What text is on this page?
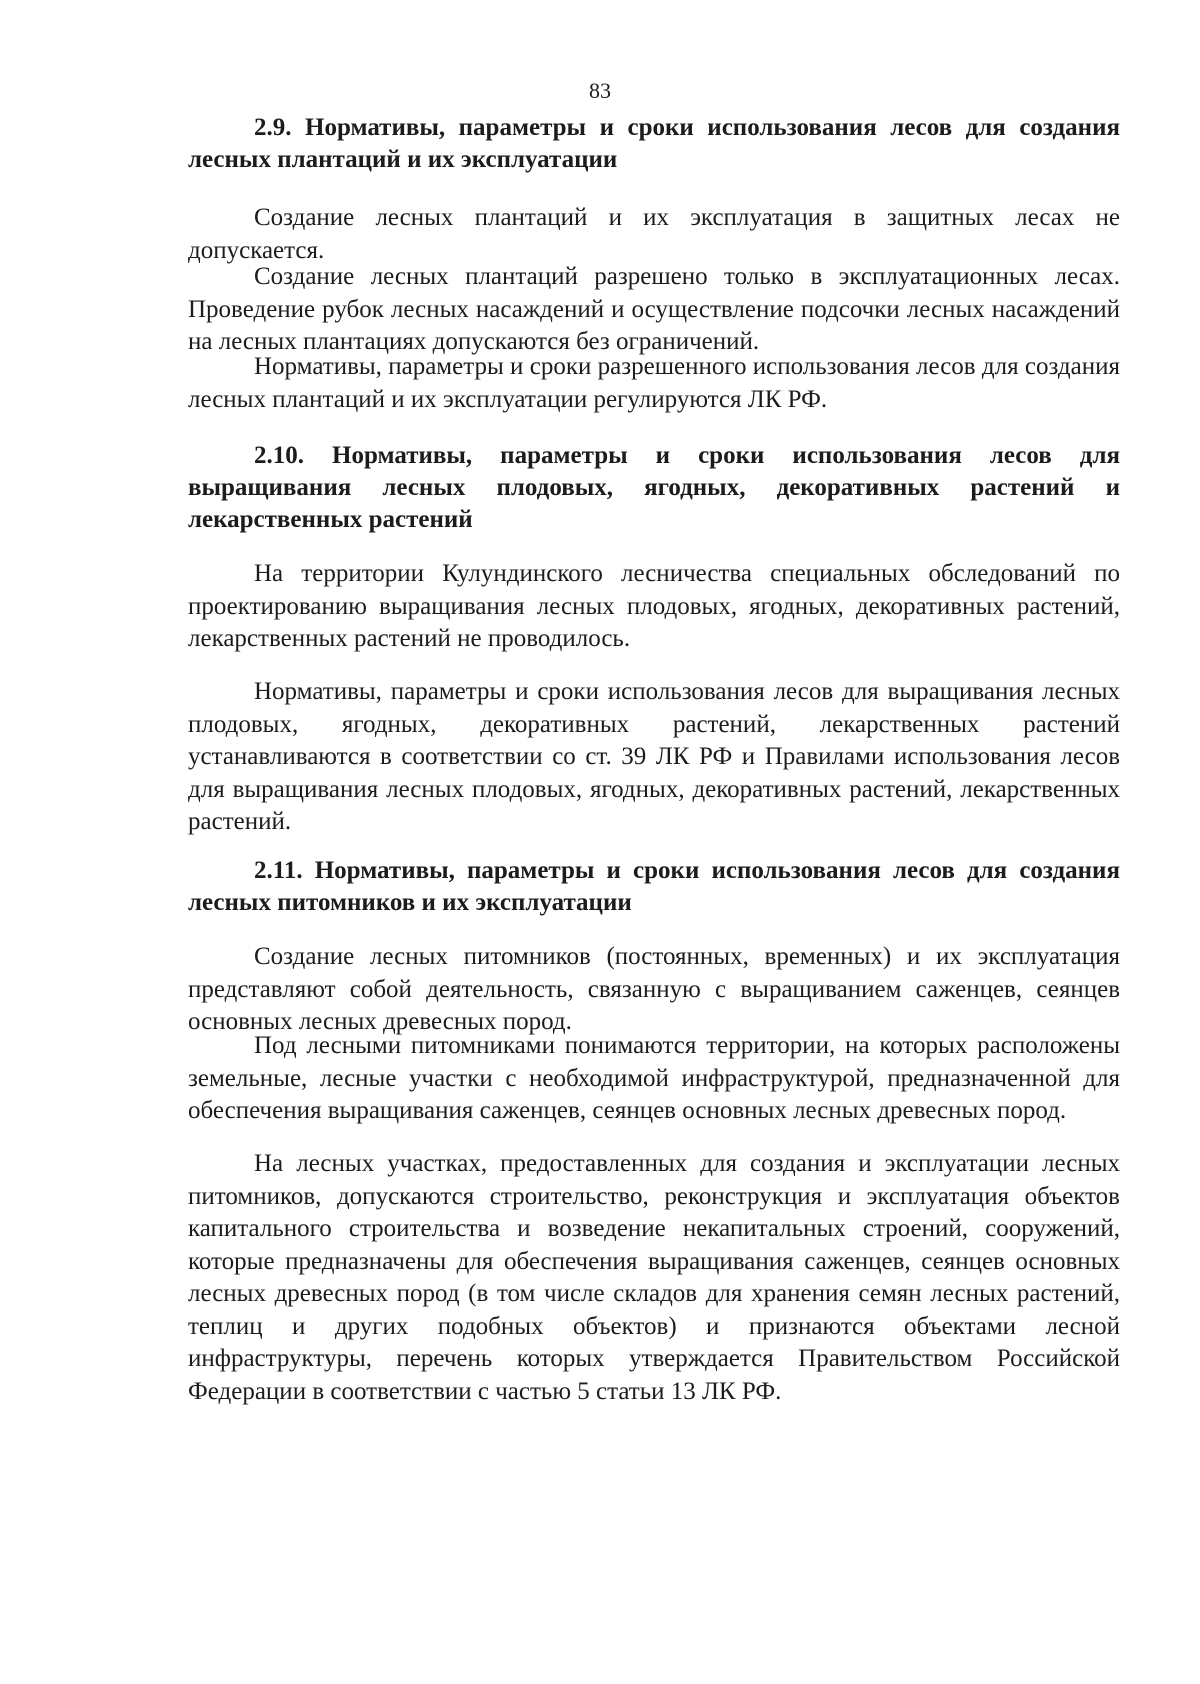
83

2.9. Нормативы, параметры и сроки использования лесов для создания лесных плантаций и их эксплуатации

Создание лесных плантаций и их эксплуатация в защитных лесах не допускается.

Создание лесных плантаций разрешено только в эксплуатационных лесах. Проведение рубок лесных насаждений и осуществление подсочки лесных насаждений на лесных плантациях допускаются без ограничений.

Нормативы, параметры и сроки разрешенного использования лесов для создания лесных плантаций и их эксплуатации регулируются ЛК РФ.

2.10. Нормативы, параметры и сроки использования лесов для выращивания лесных плодовых, ягодных, декоративных растений и лекарственных растений

На территории Кулундинского лесничества специальных обследований по проектированию выращивания лесных плодовых, ягодных, декоративных растений, лекарственных растений не проводилось.

Нормативы, параметры и сроки использования лесов для выращивания лесных плодовых, ягодных, декоративных растений, лекарственных растений устанавливаются в соответствии со ст. 39 ЛК РФ и Правилами использования лесов для выращивания лесных плодовых, ягодных, декоративных растений, лекарственных растений.

2.11. Нормативы, параметры и сроки использования лесов для создания лесных питомников и их эксплуатации

Создание лесных питомников (постоянных, временных) и их эксплуатация представляют собой деятельность, связанную с выращиванием саженцев, сеянцев основных лесных древесных пород.

Под лесными питомниками понимаются территории, на которых расположены земельные, лесные участки с необходимой инфраструктурой, предназначенной для обеспечения выращивания саженцев, сеянцев основных лесных древесных пород.

На лесных участках, предоставленных для создания и эксплуатации лесных питомников, допускаются строительство, реконструкция и эксплуатация объектов капитального строительства и возведение некапитальных строений, сооружений, которые предназначены для обеспечения выращивания саженцев, сеянцев основных лесных древесных пород (в том числе складов для хранения семян лесных растений, теплиц и других подобных объектов) и признаются объектами лесной инфраструктуры, перечень которых утверждается Правительством Российской Федерации в соответствии с частью 5 статьи 13 ЛК РФ.
